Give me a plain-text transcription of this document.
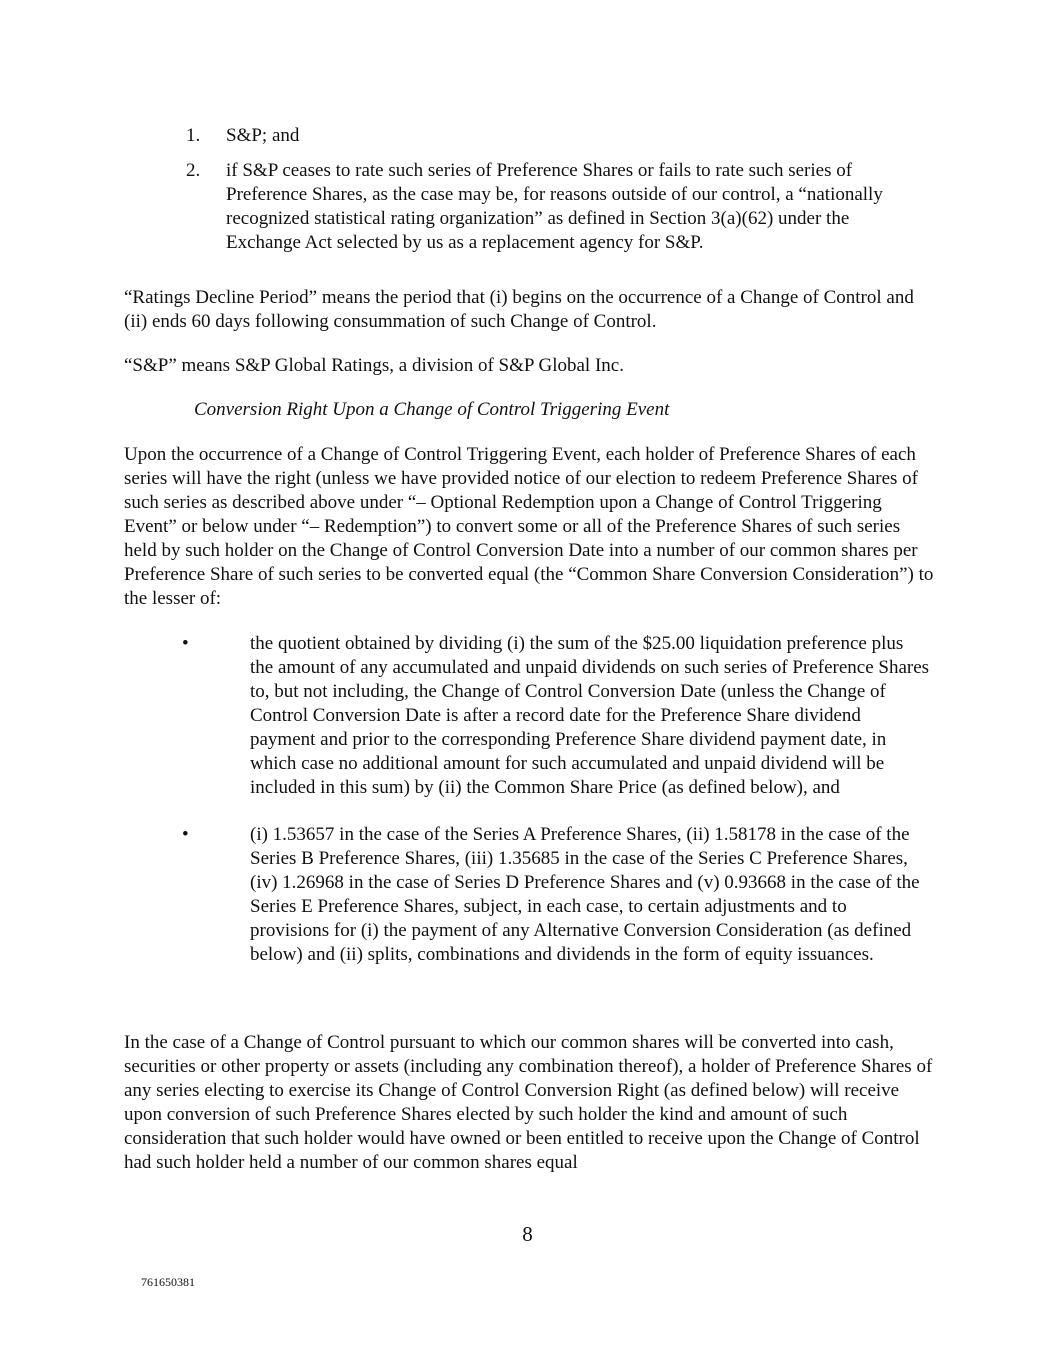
1.	S&P; and
2.	if S&P ceases to rate such series of Preference Shares or fails to rate such series of Preference Shares, as the case may be, for reasons outside of our control, a “nationally recognized statistical rating organization” as defined in Section 3(a)(62) under the Exchange Act selected by us as a replacement agency for S&P.

“Ratings Decline Period” means the period that (i) begins on the occurrence of a Change of Control and (ii) ends 60 days following consummation of such Change of Control.

“S&P” means S&P Global Ratings, a division of S&P Global Inc.

Conversion Right Upon a Change of Control Triggering Event

Upon the occurrence of a Change of Control Triggering Event, each holder of Preference Shares of each series will have the right (unless we have provided notice of our election to redeem Preference Shares of such series as described above under “– Optional Redemption upon a Change of Control Triggering Event” or below under “– Redemption”) to convert some or all of the Preference Shares of such series held by such holder on the Change of Control Conversion Date into a number of our common shares per Preference Share of such series to be converted equal (the “Common Share Conversion Consideration”) to the lesser of:

•	the quotient obtained by dividing (i) the sum of the $25.00 liquidation preference plus the amount of any accumulated and unpaid dividends on such series of Preference Shares to, but not including, the Change of Control Conversion Date (unless the Change of Control Conversion Date is after a record date for the Preference Share dividend payment and prior to the corresponding Preference Share dividend payment date, in which case no additional amount for such accumulated and unpaid dividend will be included in this sum) by (ii) the Common Share Price (as defined below), and
•	(i) 1.53657 in the case of the Series A Preference Shares, (ii) 1.58178 in the case of the Series B Preference Shares, (iii) 1.35685 in the case of the Series C Preference Shares, (iv) 1.26968 in the case of Series D Preference Shares and (v) 0.93668 in the case of the Series E Preference Shares, subject, in each case, to certain adjustments and to provisions for (i) the payment of any Alternative Conversion Consideration (as defined below) and (ii) splits, combinations and dividends in the form of equity issuances.

In the case of a Change of Control pursuant to which our common shares will be converted into cash, securities or other property or assets (including any combination thereof), a holder of Preference Shares of any series electing to exercise its Change of Control Conversion Right (as defined below) will receive upon conversion of such Preference Shares elected by such holder the kind and amount of such consideration that such holder would have owned or been entitled to receive upon the Change of Control had such holder held a number of our common shares equal

8
761650381
